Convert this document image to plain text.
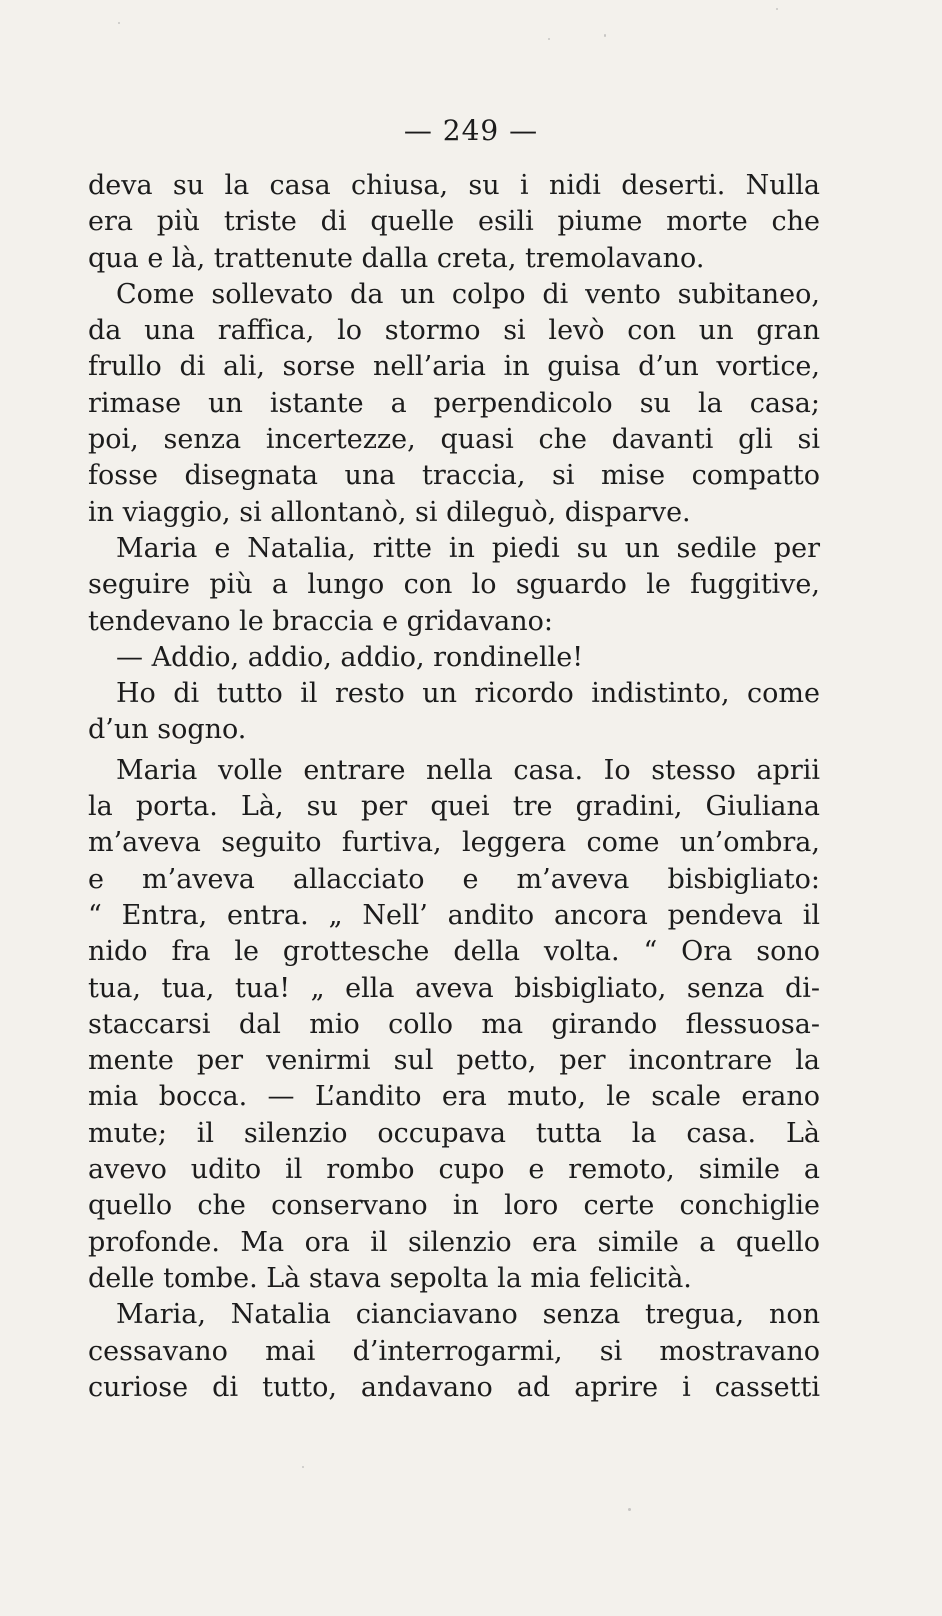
— 249 —
deva su la casa chiusa, su i nidi deserti. Nulla
era più triste di quelle esili piume morte che
qua e là, trattenute dalla creta, tremolavano.
Come sollevato da un colpo di vento subitaneo,
da una raffica, lo stormo si levò con un gran
frullo di ali, sorse nell’aria in guisa d’un vortice,
rimase un istante a perpendicolo su la casa;
poi, senza incertezze, quasi che davanti gli si
fosse disegnata una traccia, si mise compatto
in viaggio, si allontanò, si dileguò, disparve.
Maria e Natalia, ritte in piedi su un sedile per
seguire più a lungo con lo sguardo le fuggitive,
tendevano le braccia e gridavano:
— Addio, addio, addio, rondinelle!
Ho di tutto il resto un ricordo indistinto, come
d’un sogno.
Maria volle entrare nella casa. Io stesso aprii
la porta. Là, su per quei tre gradini, Giuliana
m’aveva seguito furtiva, leggera come un’ombra,
e m’aveva allacciato e m’aveva bisbigliato:
“ Entra, entra. „ Nell’ andito ancora pendeva il
nido fra le grottesche della volta. “ Ora sono
tua, tua, tua! „ ella aveva bisbigliato, senza di-
staccarsi dal mio collo ma girando flessuosa-
mente per venirmi sul petto, per incontrare la
mia bocca. — L’andito era muto, le scale erano
mute; il silenzio occupava tutta la casa. Là
avevo udito il rombo cupo e remoto, simile a
quello che conservano in loro certe conchiglie
profonde. Ma ora il silenzio era simile a quello
delle tombe. Là stava sepolta la mia felicità.
Maria, Natalia cianciavano senza tregua, non
cessavano mai d’interrogarmi, si mostravano
curiose di tutto, andavano ad aprire i cassetti
